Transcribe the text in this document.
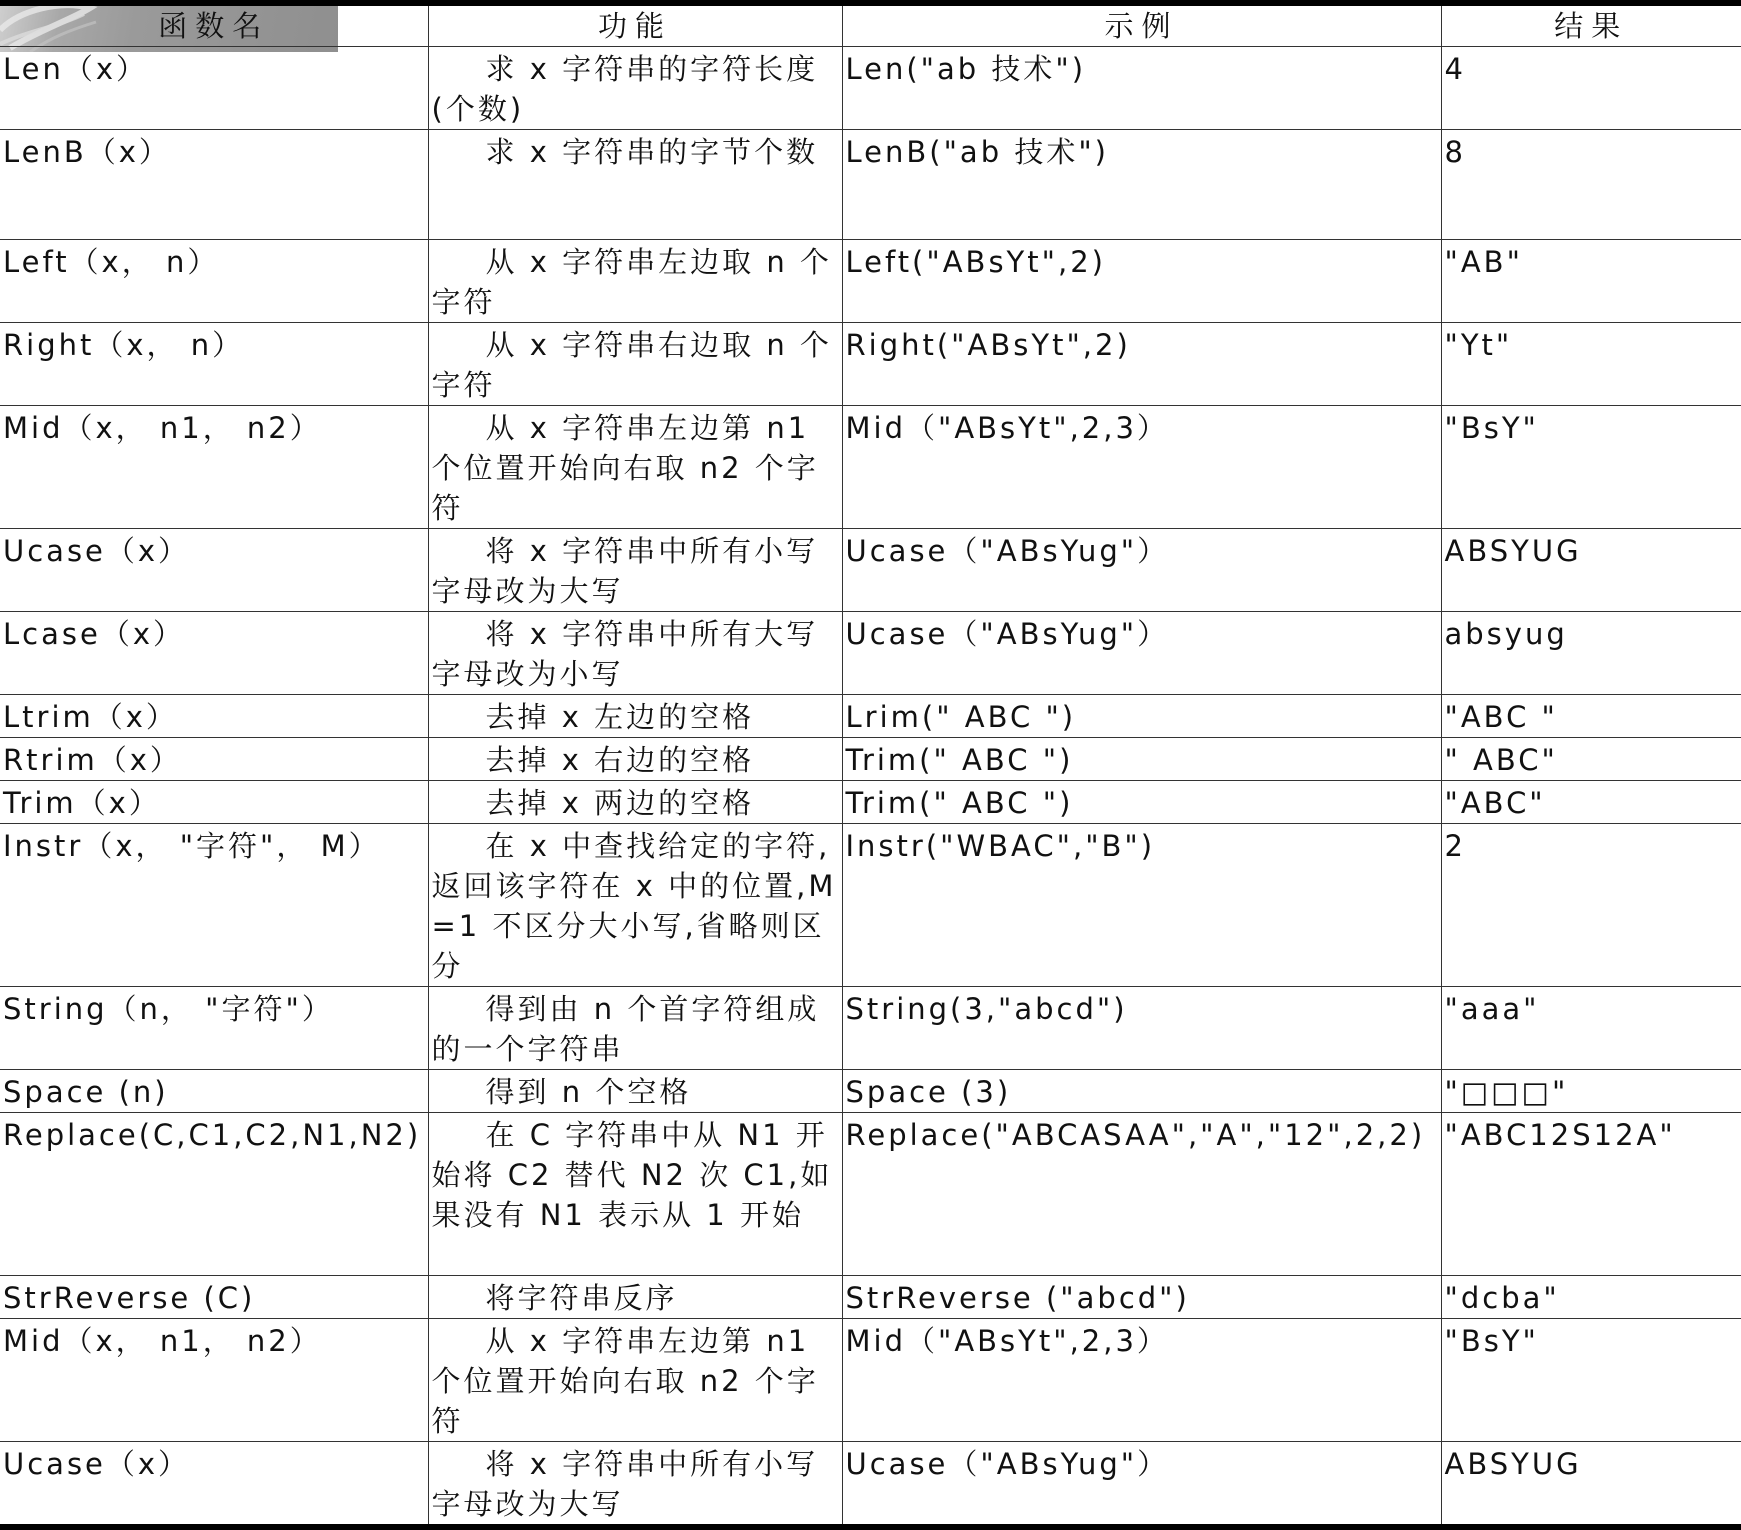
函数名	功能	示例	结果
Len（x）	求 x 字符串的字符长度(个数)	Len("ab 技术")	4
LenB（x）	求 x 字符串的字节个数	LenB("ab 技术")	8
Left（x， n）	从 x 字符串左边取 n 个字符	Left("ABsYt",2)	"AB"
Right（x， n）	从 x 字符串右边取 n 个字符	Right("ABsYt",2)	"Yt"
Mid（x， n1， n2）	从 x 字符串左边第 n1 个位置开始向右取 n2 个字符	Mid（"ABsYt",2,3）	"BsY"
Ucase（x）	将 x 字符串中所有小写字母改为大写	Ucase（"ABsYug"）	ABSYUG
Lcase（x）	将 x 字符串中所有大写字母改为小写	Ucase（"ABsYug"）	absyug
Ltrim（x）	去掉 x 左边的空格	Lrim(" ABC ")	"ABC "
Rtrim（x）	去掉 x 右边的空格	Trim(" ABC ")	" ABC"
Trim（x）	去掉 x 两边的空格	Trim(" ABC ")	"ABC"
Instr（x， "字符"， M）	在 x 中查找给定的字符,返回该字符在 x 中的位置,M=1 不区分大小写,省略则区分	Instr("WBAC","B")	2
String（n， "字符"）	得到由 n 个首字符组成的一个字符串	String(3,"abcd")	"aaa"
Space (n)	得到 n 个空格	Space (3)	"□□□"
Replace(C,C1,C2,N1,N2)	在 C 字符串中从 N1 开始将 C2 替代 N2 次 C1,如果没有 N1 表示从 1 开始	Replace("ABCASAA","A","12",2,2)	"ABC12S12A"
StrReverse (C)	将字符串反序	StrReverse ("abcd")	"dcba"
Mid（x， n1， n2）	从 x 字符串左边第 n1 个位置开始向右取 n2 个字符	Mid（"ABsYt",2,3）	"BsY"
Ucase（x）	将 x 字符串中所有小写字母改为大写	Ucase（"ABsYug"）	ABSYUG
